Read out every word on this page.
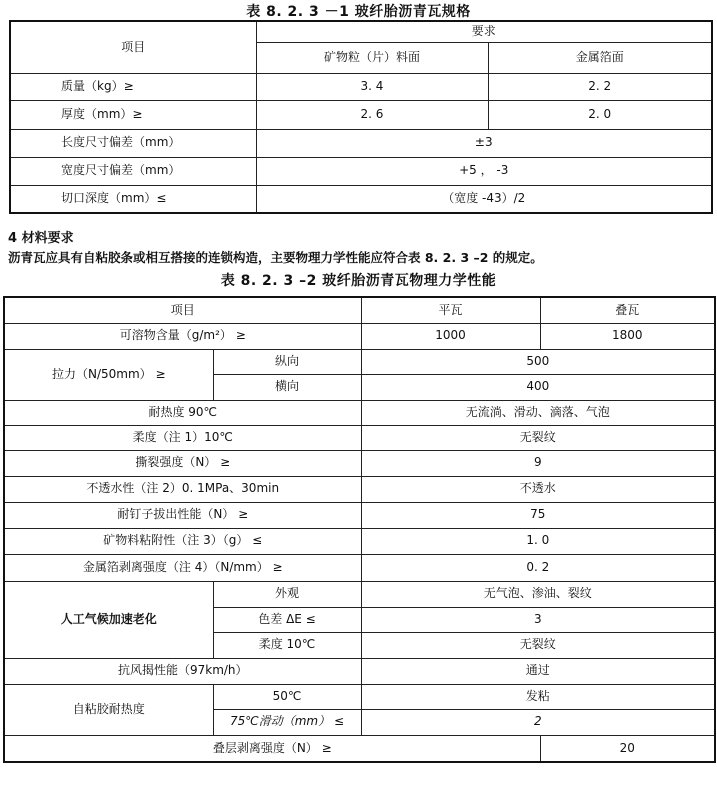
表 8. 2. 3 －1 玻纤胎沥青瓦规格
项目	要求	
	矿物粒（片）料面	金属箔面
质量（kg）≥	3. 4	2. 2
厚度（mm）≥	2. 6	2. 0
长度尺寸偏差（mm）	±3	
宽度尺寸偏差（mm）	+5 ， -3	
切口深度（mm）≤	（宽度 -43）/2	
4 材料要求
沥青瓦应具有自粘胶条或相互搭接的连锁构造，主要物理力学性能应符合表 8. 2. 3 –2 的规定。
表 8. 2. 3 –2 玻纤胎沥青瓦物理力学性能
项目		平瓦	叠瓦
可溶物含量（g/m²） ≥		1000	1800
拉力（N/50mm） ≥	纵向	500	
	横向	400	
耐热度 90℃		无流淌、滑动、滴落、气泡	
柔度（注 1）10℃		无裂纹	
撕裂强度（N） ≥		9	
不透水性（注 2）0. 1MPa、30min		不透水	
耐钉子拔出性能（N） ≥		75	
矿物料粘附性（注 3）（g） ≤		1. 0	
金属箔剥离强度（注 4）（N/mm） ≥		0. 2	
人工气候加速老化	外观	无气泡、渗油、裂纹	
	色差 ΔE ≤	3	
	柔度 10℃	无裂纹	
抗风揭性能（97km/h）		通过	
自粘胶耐热度	50℃	发粘	
	75℃滑动（mm） ≤	2	
叠层剥离强度（N） ≥			20
